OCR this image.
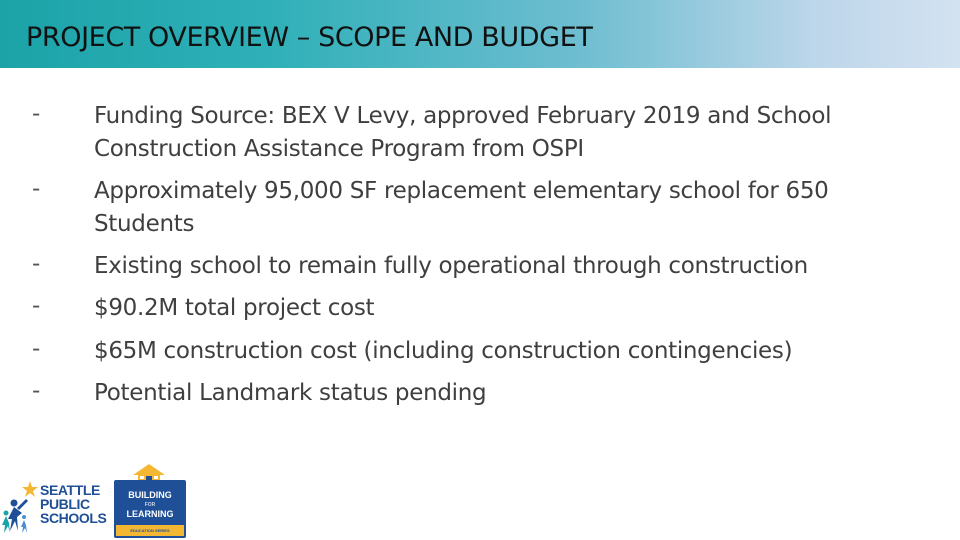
PROJECT OVERVIEW – SCOPE AND BUDGET
- Funding Source: BEX V Levy, approved February 2019 and School
Construction Assistance Program from OSPI
- Approximately 95,000 SF replacement elementary school for 650
Students
- Existing school to remain fully operational through construction
- $90.2M total project cost
- $65M construction cost (including construction contingencies)
- Potential Landmark status pending
SEATTLE
PUBLIC
SCHOOLS
BUILDING
FOR
LEARNING
EDUCATION SERIES
